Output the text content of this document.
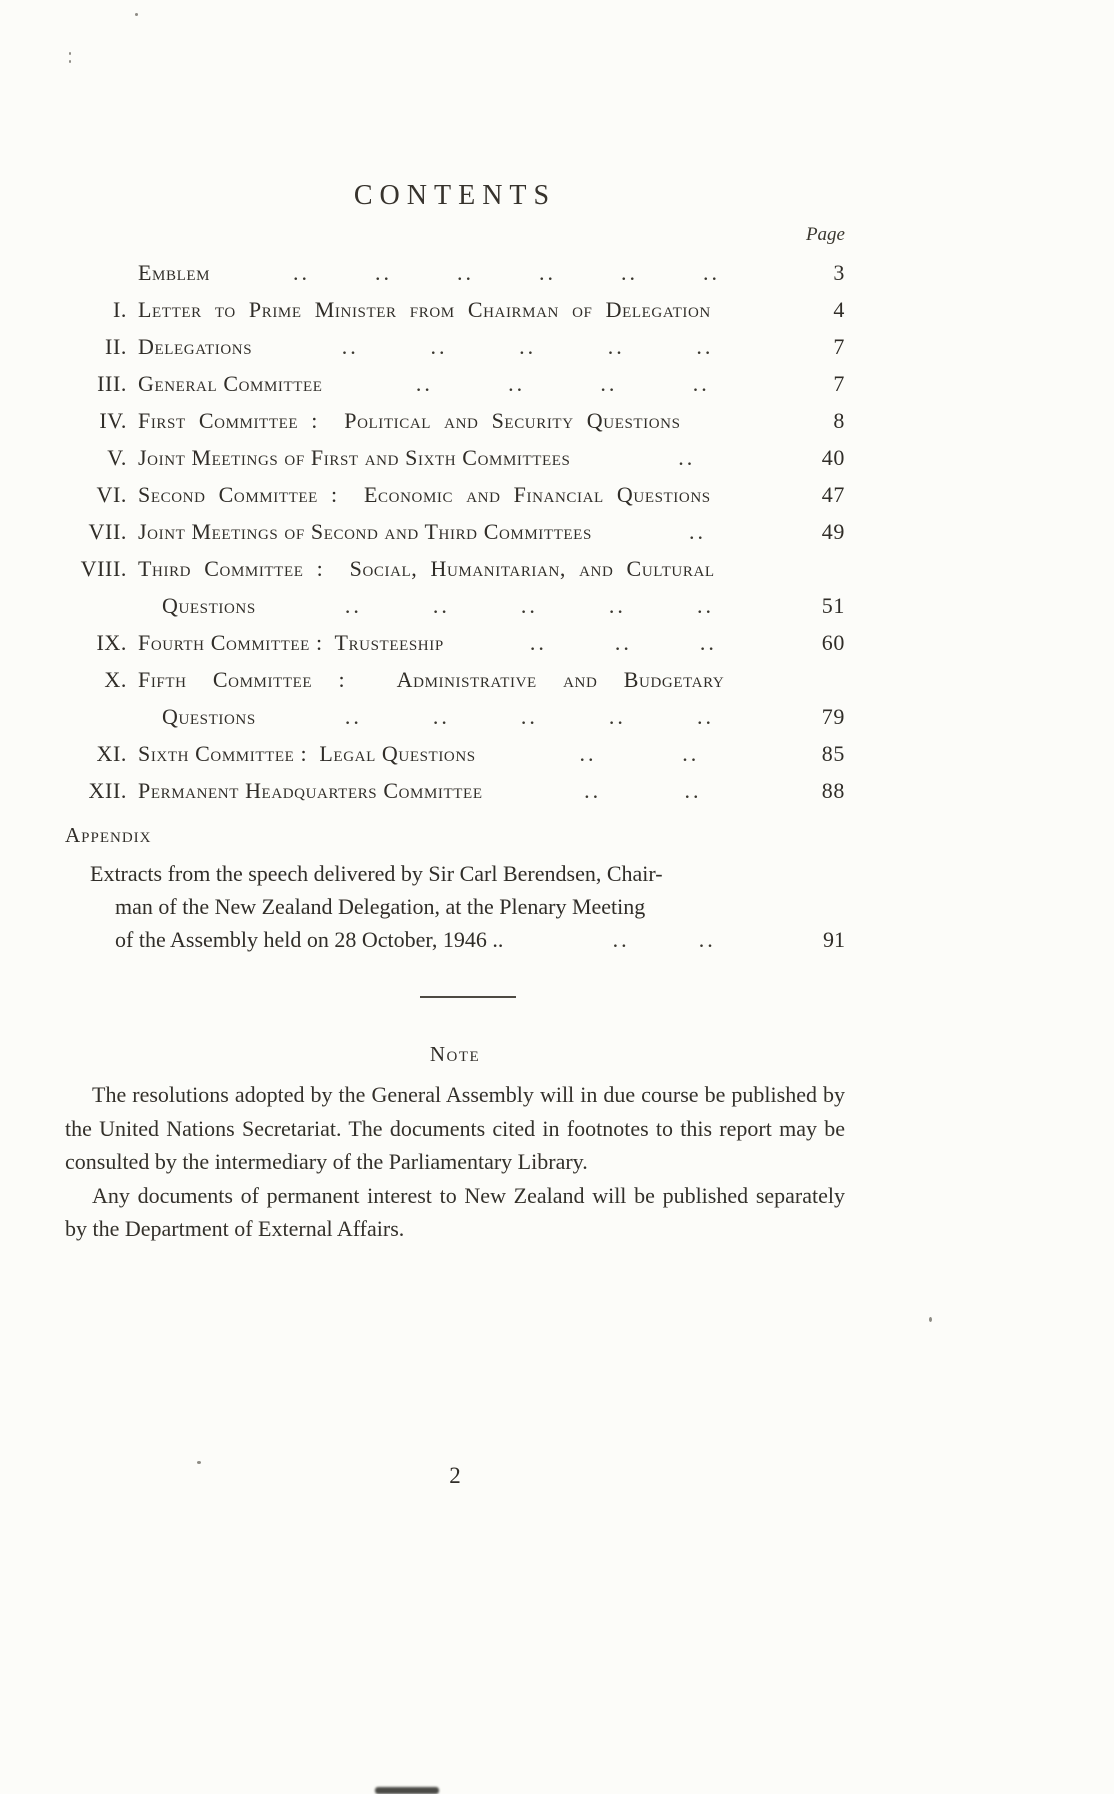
CONTENTS
Page
Emblem	..	..	..	..	..	..	3
I. Letter to Prime Minister from Chairman of Delegation	4
II. Delegations	..	..	..	..	..	7
III. General Committee	..	..	..	..	7
IV. First Committee :  Political and Security Questions	8
V. Joint Meetings of First and Sixth Committees	..	40
VI. Second Committee :  Economic and Financial Questions	47
VII. Joint Meetings of Second and Third Committees	..	49
VIII. Third Committee :  Social, Humanitarian, and Cultural
Questions	..	..	..	..	..	51
IX. Fourth Committee :  Trusteeship	..	..	..	60
X. Fifth Committee :  Administrative and Budgetary
Questions	..	..	..	..	..	79
XI. Sixth Committee :  Legal Questions	..	..	85
XII. Permanent Headquarters Committee	..	..	88
Appendix

Extracts from the speech delivered by Sir Carl Berendsen, Chair-

man of the New Zealand Delegation, at the Plenary Meeting

of the Assembly held on 28 October, 1946 ..	..	..	91
Note

The resolutions adopted by the General Assembly will in due course be published by the United Nations Secretariat. The documents cited in footnotes to this report may be consulted by the intermediary of the Parliamentary Library.

Any documents of permanent interest to New Zealand will be published separately by the Department of External Affairs.

2
